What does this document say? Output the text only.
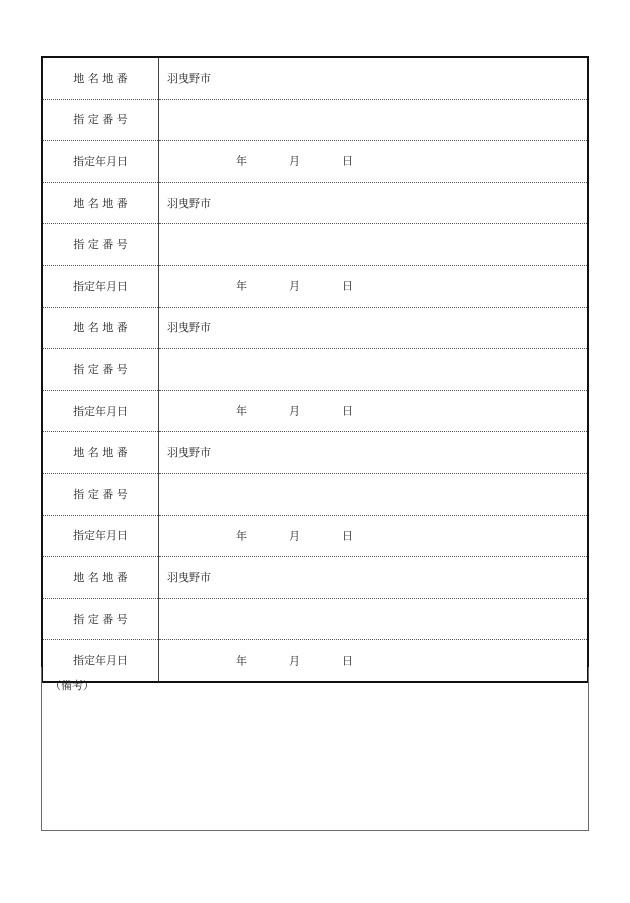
地 名 地 番	羽曳野市
指 定 番 号	
指定年月日	年 月 日

地 名 地 番	羽曳野市
指 定 番 号	
指定年月日	年 月 日

地 名 地 番	羽曳野市
指 定 番 号	
指定年月日	年 月 日

地 名 地 番	羽曳野市
指 定 番 号	
指定年月日	年 月 日

地 名 地 番	羽曳野市
指 定 番 号	
指定年月日	年 月 日
（備考）
